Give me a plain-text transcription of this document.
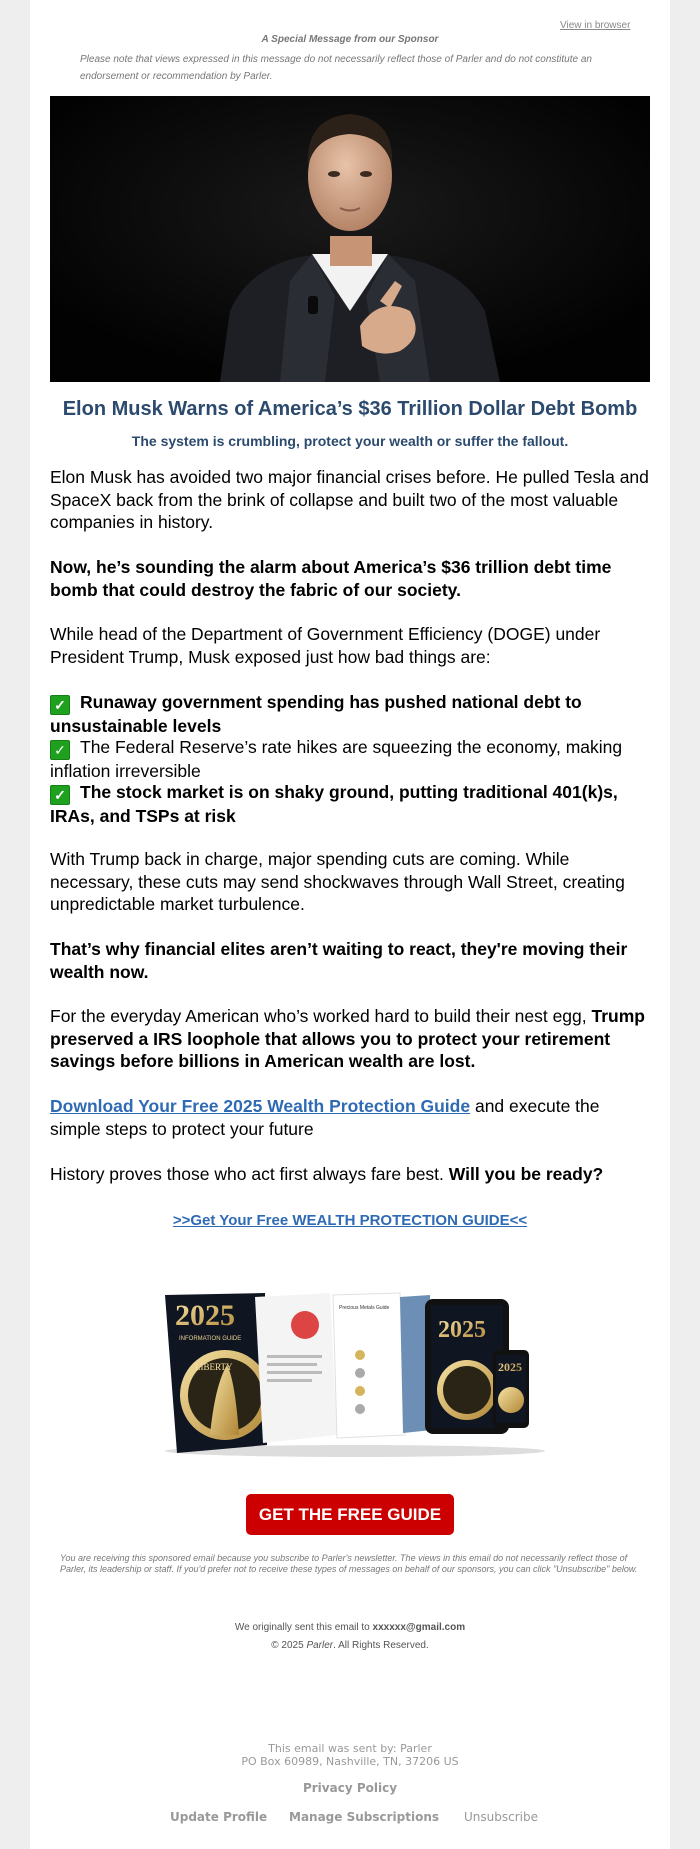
View in browser
A Special Message from our Sponsor
Please note that views expressed in this message do not necessarily reflect those of Parler and do not constitute an endorsement or recommendation by Parler.
Elon Musk Warns of America’s $36 Trillion Dollar Debt Bomb
The system is crumbling, protect your wealth or suffer the fallout.
Elon Musk has avoided two major financial crises before. He pulled Tesla and SpaceX back from the brink of collapse and built two of the most valuable companies in history.
Now, he’s sounding the alarm about America’s $36 trillion debt time bomb that could destroy the fabric of our society.
While head of the Department of Government Efficiency (DOGE) under President Trump, Musk exposed just how bad things are:
✓ Runaway government spending has pushed national debt to unsustainable levels
✓ The Federal Reserve’s rate hikes are squeezing the economy, making inflation irreversible
✓ The stock market is on shaky ground, putting traditional 401(k)s, IRAs, and TSPs at risk
With Trump back in charge, major spending cuts are coming. While necessary, these cuts may send shockwaves through Wall Street, creating unpredictable market turbulence.
That’s why financial elites aren’t waiting to react, they're moving their wealth now.
For the everyday American who’s worked hard to build their nest egg, Trump preserved a IRS loophole that allows you to protect your retirement savings before billions in American wealth are lost.
Download Your Free 2025 Wealth Protection Guide and execute the simple steps to protect your future
History proves those who act first always fare best. Will you be ready?
>>Get Your Free WEALTH PROTECTION GUIDE<<
2025
INFORMATION GUIDE
LIBERTY
Precious Metals Guide
2025
2025
GET THE FREE GUIDE
You are receiving this sponsored email because you subscribe to Parler's newsletter. The views in this email do not necessarily reflect those of Parler, its leadership or staff. If you'd prefer not to receive these types of messages on behalf of our sponsors, you can click "Unsubscribe" below.
We originally sent this email to xxxxxx@gmail.com
© 2025 Parler. All Rights Reserved.
This email was sent by: Parler
PO Box 60989, Nashville, TN, 37206 US
Privacy Policy
Update Profile Manage Subscriptions Unsubscribe
